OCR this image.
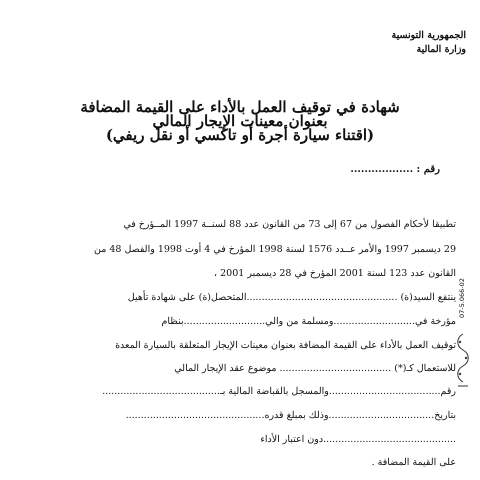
الجمهورية التونسية
وزارة المالية
شهادة في توقيف العمل بالأداء على القيمة المضافة
بعنوان معينات الإيجار المالي
(اقتناء سيارة أجرة أو تاكسي أو نقل ريفي)
رقم : ..................
تطبيقا لأحكام الفصول من 67 إلى 73 من القانون عدد 88 لسنــة 1997 المــؤرخ في
29 ديسمبر 1997 والأمر عــدد 1576 لسنة 1998 المؤرخ في 4 أوت 1998 والفصل 48 من
القانون عدد 123 لسنة 2001 المؤرخ في 28 ديسمبر 2001 ،
ينتفع السيد(ة) ..................................................المتحصل(ة) على شهادة تأهيل
مؤرخة في...........................ومسلمة من والي...........................بنظام
توقيف العمل بالأداء على القيمة المضافة بعنوان معينات الإيجار المتعلقة بالسيارة المعدة
للاستعمال كـ(*) ..................................... موضوع عقد الإيجار المالي
رقم.....................................والمسجل بالقباضة المالية بـ.......................................
بتاريخ...................................وذلك بمبلغ قدره..............................................
............................................دون اعتبار الأداء
على القيمة المضافة .
07-5.066-02
